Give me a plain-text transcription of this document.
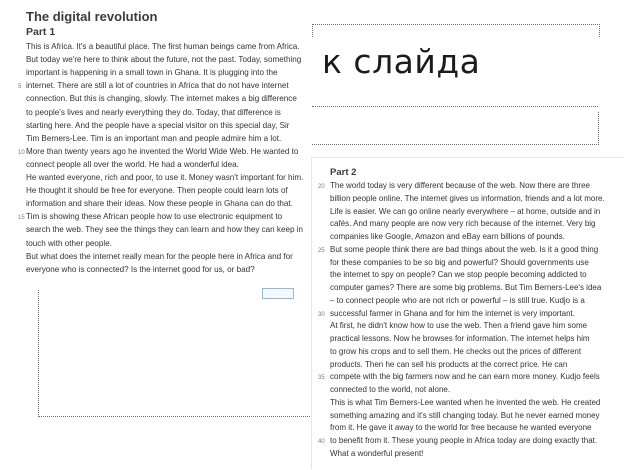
к слайда
The digital revolution
Part 1
This is Africa. It's a beautiful place. The first human beings came from Africa.
But today we're here to think about the future, not the past. Today, something
important is happening in a small town in Ghana. It is plugging into the
internet. There are still a lot of countries in Africa that do not have internet
connection. But this is changing, slowly. The internet makes a big difference
to people's lives and nearly everything they do. Today, that difference is
starting here. And the people have a special visitor on this special day, Sir
Tim Berners-Lee. Tim is an important man and people admire him a lot.
More than twenty years ago he invented the World Wide Web. He wanted to
connect people all over the world. He had a wonderful idea.
He wanted everyone, rich and poor, to use it. Money wasn't important for him.
He thought it should be free for everyone. Then people could learn lots of
information and share their ideas. Now these people in Ghana can do that.
Tim is showing these African people how to use electronic equipment to
search the web. They see the things they can learn and how they can keep in
touch with other people.
But what does the internet really mean for the people here in Africa and for
everyone who is connected? Is the internet good for us, or bad?
5
10
15
Part 2
The world today is very different because of the web. Now there are three
billion people online. The internet gives us information, friends and a lot more.
Life is easier. We can go online nearly everywhere – at home, outside and in
cafés. And many people are now very rich because of the internet. Very big
companies like Google, Amazon and eBay earn billions of pounds.
But some people think there are bad things about the web. Is it a good thing
for these companies to be so big and powerful? Should governments use
the internet to spy on people? Can we stop people becoming addicted to
computer games? There are some big problems. But Tim Berners-Lee's idea
– to connect people who are not rich or powerful – is still true. Kudjo is a
successful farmer in Ghana and for him the internet is very important.
At first, he didn't know how to use the web. Then a friend gave him some
practical lessons. Now he browses for information. The internet helps him
to grow his crops and to sell them. He checks out the prices of different
products. Then he can sell his products at the correct price. He can
compete with the big farmers now and he can earn more money. Kudjo feels
connected to the world, not alone.
This is what Tim Berners-Lee wanted when he invented the web. He created
something amazing and it's still changing today. But he never earned money
from it. He gave it away to the world for free because he wanted everyone
to benefit from it. These young people in Africa today are doing exactly that.
What a wonderful present!
20
25
30
35
40
